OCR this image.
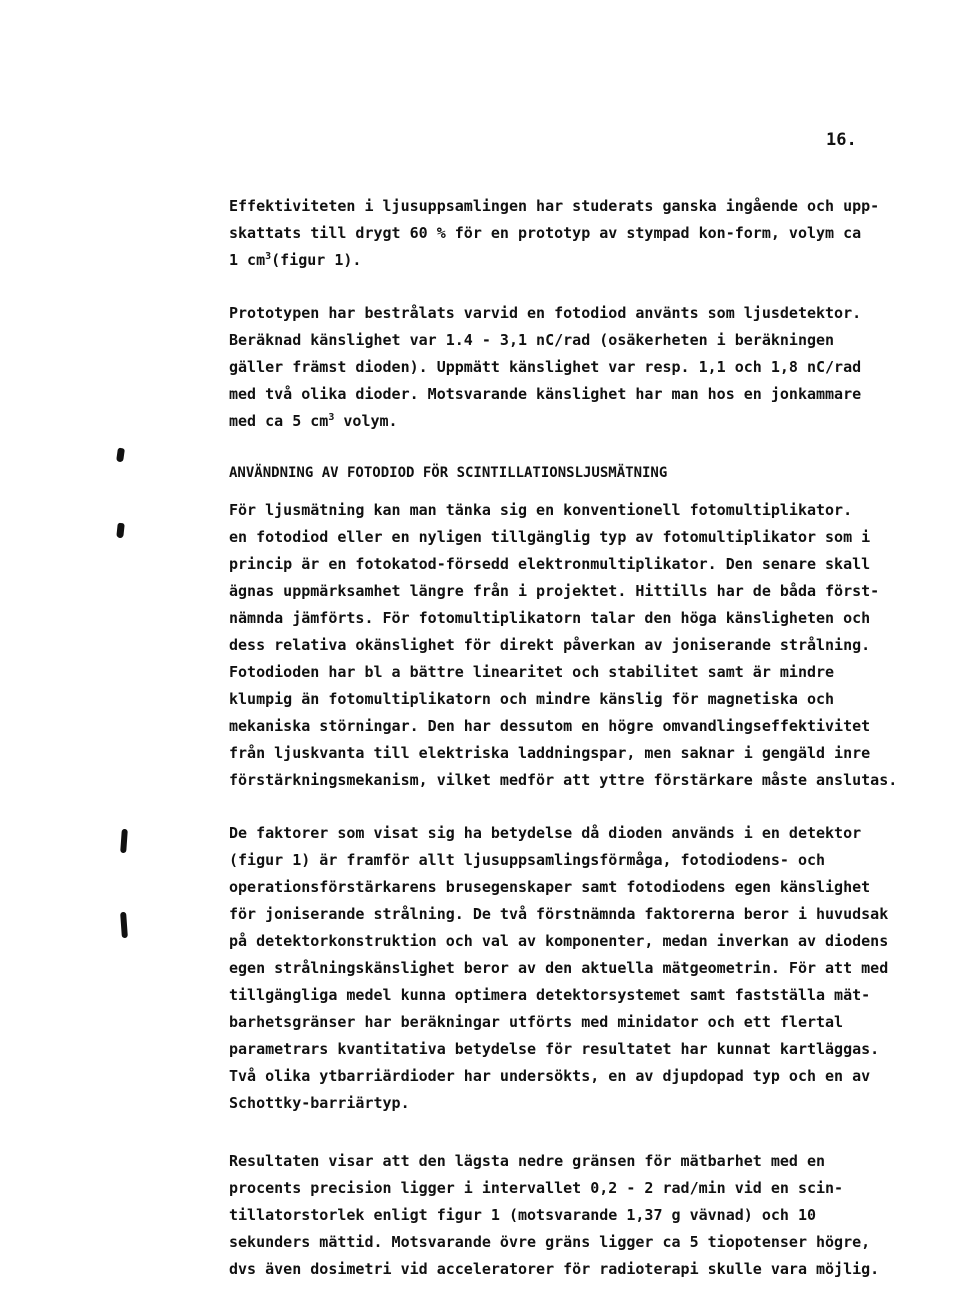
16.
Effektiviteten i ljusuppsamlingen har studerats ganska ingående och upp-
skattats till drygt 60 % för en prototyp av stympad kon-form, volym ca
1 $cm^3(figur$ 1).
Prototypen har bestrålats varvid en fotodiod använts som ljusdetektor.
Beräknad känslighet var 1.4 - 3,1 nC/rad (osäkerheten i beräkningen
gäller främst dioden). Uppmätt känslighet var resp. 1,1 och 1,8 nC/rad
med två olika dioder. Motsvarande känslighet har man hos en jonkammare
med ca 5 $cm^3$ volym.
ANVÄNDNING AV FOTODIOD FÖR SCINTILLATIONSLJUSMÄTNING
För ljusmätning kan man tänka sig en konventionell fotomultiplikator.
en fotodiod eller en nyligen tillgänglig typ av fotomultiplikator som i
princip är en fotokatod-försedd elektronmultiplikator. Den senare skall
ägnas uppmärksamhet längre från i projektet. Hittills har de båda först-
nämnda jämförts. För fotomultiplikatorn talar den höga känsligheten och
dess relativa okänslighet för direkt påverkan av joniserande strålning.
Fotodioden har bl a bättre linearitet och stabilitet samt är mindre
klumpig än fotomultiplikatorn och mindre känslig för magnetiska och
mekaniska störningar. Den har dessutom en högre omvandlingseffektivitet
från ljuskvanta till elektriska laddningspar, men saknar i gengäld inre
förstärkningsmekanism, vilket medför att yttre förstärkare måste anslutas.
De faktorer som visat sig ha betydelse då dioden används i en detektor
(figur 1) är framför allt ljusuppsamlingsförmåga, fotodiodens- och
operationsförstärkarens brusegenskaper samt fotodiodens egen känslighet
för joniserande strålning. De två förstnämnda faktorerna beror i huvudsak
på detektorkonstruktion och val av komponenter, medan inverkan av diodens
egen strålningskänslighet beror av den aktuella mätgeometrin. För att med
tillgängliga medel kunna optimera detektorsystemet samt fastställa mät-
barhetsgränser har beräkningar utförts med minidator och ett flertal
parametrars kvantitativa betydelse för resultatet har kunnat kartläggas.
Två olika ytbarriärdioder har undersökts, en av djupdopad typ och en av
Schottky-barriärtyp.
Resultaten visar att den lägsta nedre gränsen för mätbarhet med en
procents precision ligger i intervallet 0,2 - 2 rad/min vid en scin-
tillatorstorlek enligt figur 1 (motsvarande 1,37 g vävnad) och 10
sekunders mättid. Motsvarande övre gräns ligger ca 5 tiopotenser högre,
dvs även dosimetri vid acceleratorer för radioterapi skulle vara möjlig.
